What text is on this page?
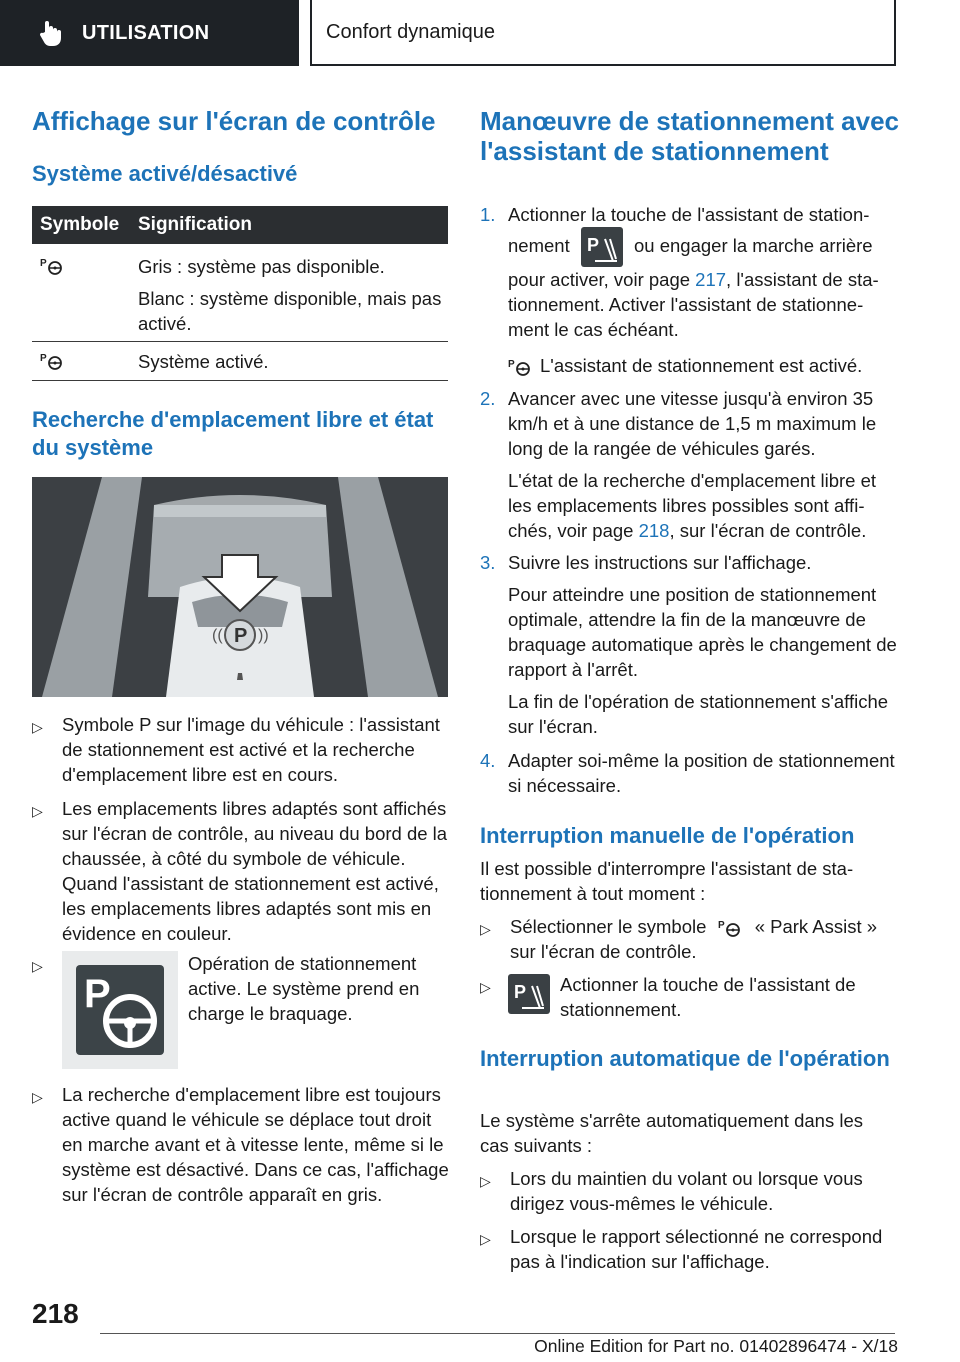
UTILISATION	Confort dynamique
Affichage sur l'écran de contrôle
Système activé/désactivé
Symbole Signification
P	Gris : système pas disponible.

Blanc : système disponible, mais pas activé.

P	Système activé.

Recherche d'emplacement libre et état du système
P
(( ))
▷ Symbole P sur l'image du véhicule : l'assistant de stationnement est activé et la recherche d'emplacement libre est en cours.
▷ Les emplacements libres adaptés sont affichés sur l'écran de contrôle, au niveau du bord de la chaussée, à côté du symbole de véhicule. Quand l'assistant de stationnement est activé, les emplacements libres adaptés sont mis en évidence en couleur.
▷
P
Opération de stationnement active. Le système prend en charge le braquage.
▷ La recherche d'emplacement libre est toujours active quand le véhicule se déplace tout droit en marche avant et à vitesse lente, même si le système est désactivé. Dans ce cas, l'affichage sur l'écran de contrôle apparaît en gris.
Manœuvre de stationnement avec l'assistant de stationnement
1. Actionner la touche de l'assistant de stationnement P ou engager la marche arrière pour activer, voir page 217, l'assistant de stationnement. Activer l'assistant de stationnement le cas échéant.
P L'assistant de stationnement est activé.
2. Avancer avec une vitesse jusqu'à environ 35 km/h et à une distance de 1,5 m maximum le long de la rangée de véhicules garés.
L'état de la recherche d'emplacement libre et les emplacements libres possibles sont affichés, voir page 218, sur l'écran de contrôle.
3. Suivre les instructions sur l'affichage.
Pour atteindre une position de stationnement optimale, attendre la fin de la manœuvre de braquage automatique après le changement de rapport à l'arrêt.
La fin de l'opération de stationnement s'affiche sur l'écran.
4. Adapter soi-même la position de stationnement si nécessaire.
Interruption manuelle de l'opération
Il est possible d'interrompre l'assistant de stationnement à tout moment :
▷ Sélectionner le symbole P « Park Assist » sur l'écran de contrôle.
▷ P Actionner la touche de l'assistant de stationnement.
Interruption automatique de l'opération
Le système s'arrête automatiquement dans les cas suivants :
▷ Lors du maintien du volant ou lorsque vous dirigez vous-mêmes le véhicule.
▷ Lorsque le rapport sélectionné ne correspond pas à l'indication sur l'affichage.
218
Online Edition for Part no. 01402896474 - X/18
